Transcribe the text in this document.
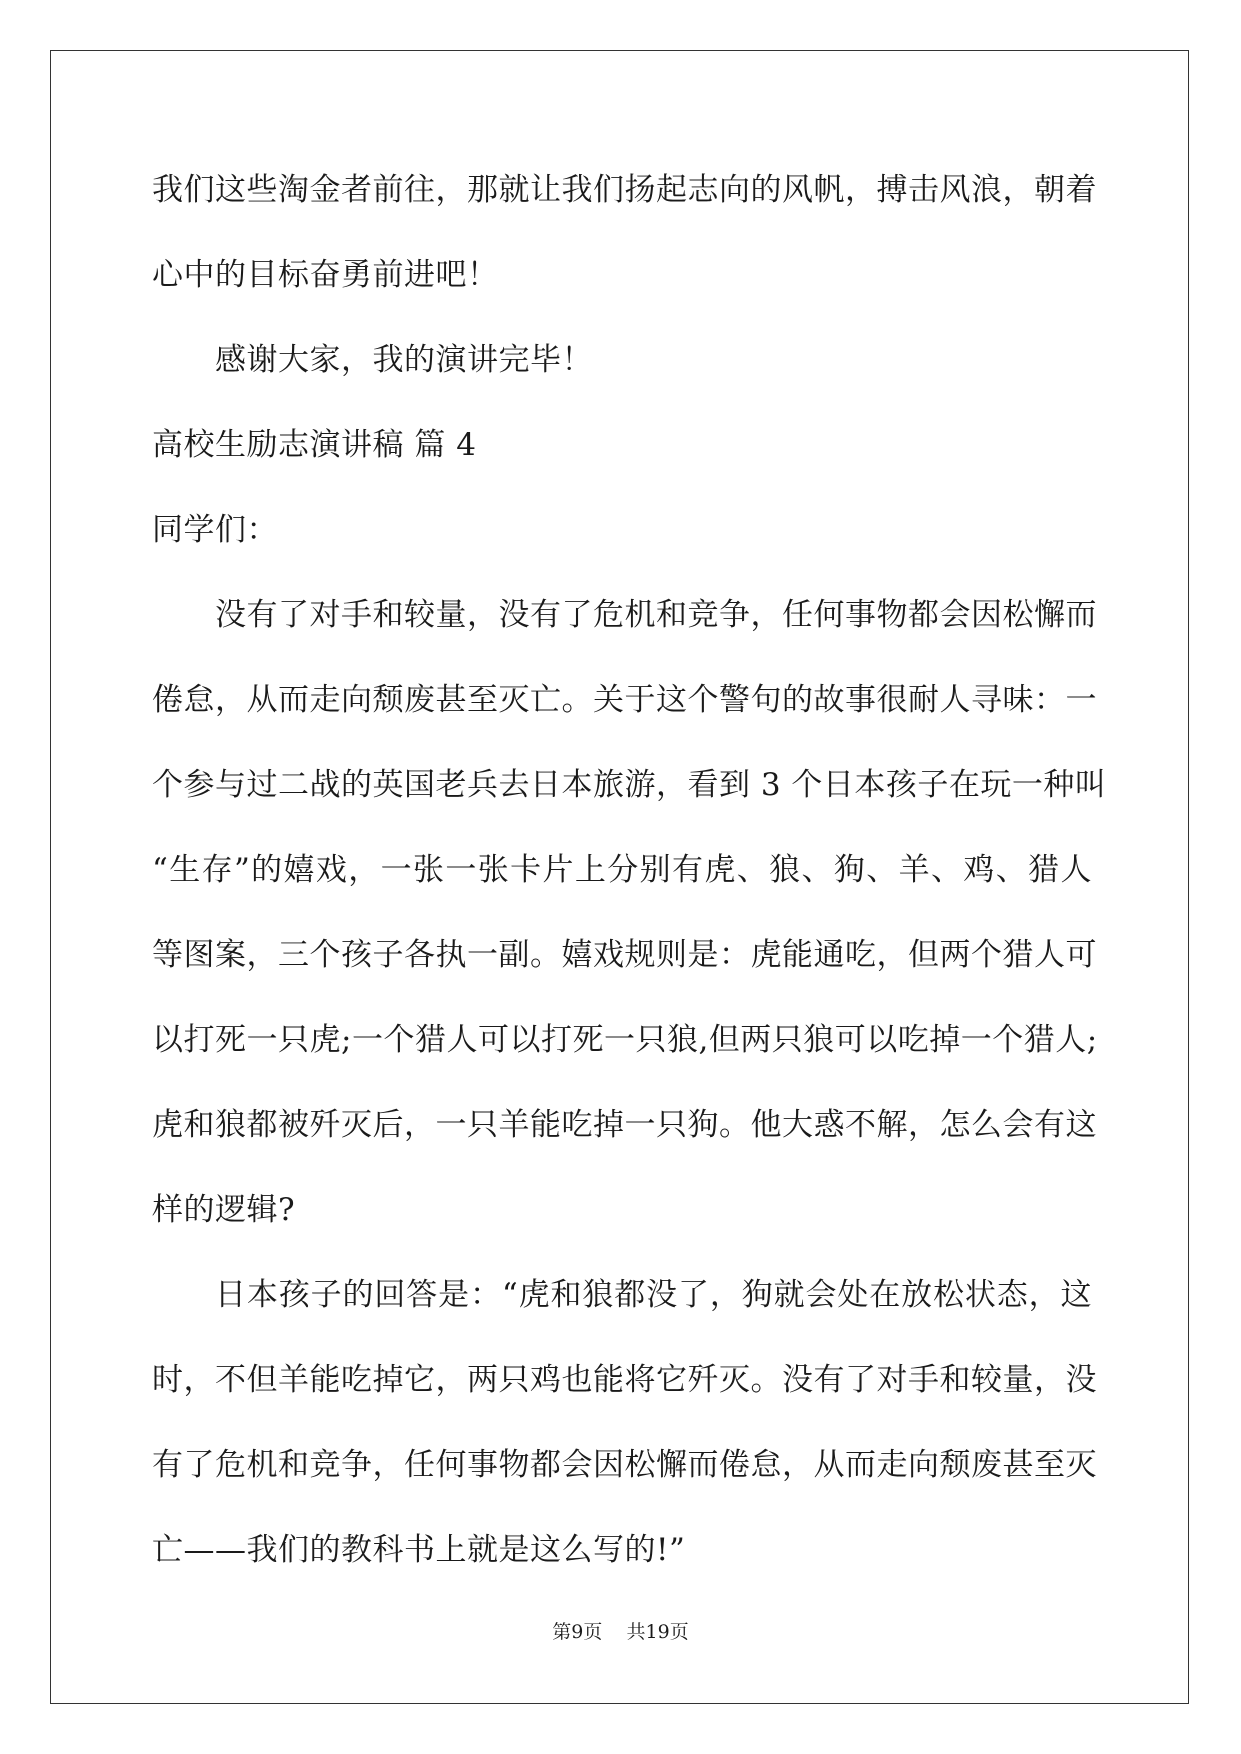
我们这些淘金者前往，那就让我们扬起志向的风帆，搏击风浪，朝着
心中的目标奋勇前进吧！
感谢大家，我的演讲完毕！
高校生励志演讲稿 篇 4
同学们：
没有了对手和较量，没有了危机和竞争，任何事物都会因松懈而
倦怠，从而走向颓废甚至灭亡。关于这个警句的故事很耐人寻味：一
个参与过二战的英国老兵去日本旅游，看到 3 个日本孩子在玩一种叫
“生存”的嬉戏，一张一张卡片上分别有虎、狼、狗、羊、鸡、猎人
等图案，三个孩子各执一副。嬉戏规则是：虎能通吃，但两个猎人可
以打死一只虎;一个猎人可以打死一只狼,但两只狼可以吃掉一个猎人;
虎和狼都被歼灭后，一只羊能吃掉一只狗。他大惑不解，怎么会有这
样的逻辑?
日本孩子的回答是：“虎和狼都没了，狗就会处在放松状态，这
时，不但羊能吃掉它，两只鸡也能将它歼灭。没有了对手和较量，没
有了危机和竞争，任何事物都会因松懈而倦怠，从而走向颓废甚至灭
亡——我们的教科书上就是这么写的!”
第9页 共19页
